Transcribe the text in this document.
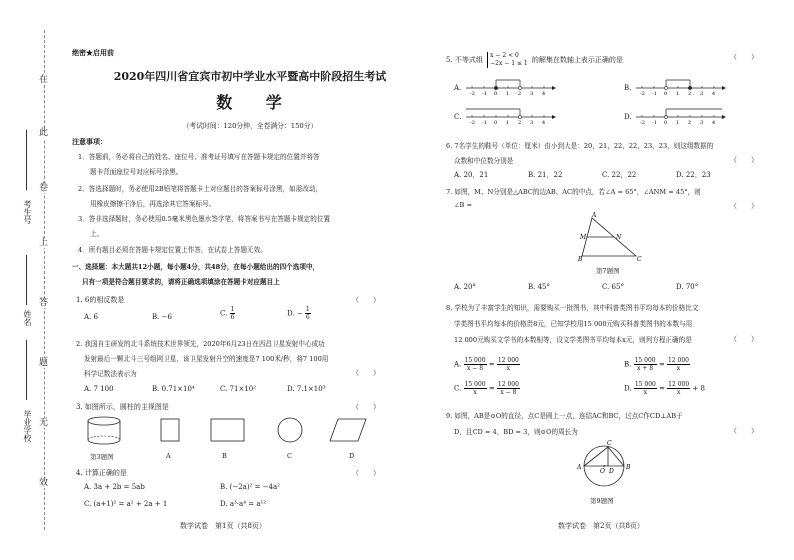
在
此
卷
上
答
题
无
效
考生号
姓名
毕业学校
绝密★启用前
2020年四川省宜宾市初中学业水平暨高中阶段招生考试
数 学
（考试时间：120分钟，全卷满分：150分）
注意事项：
1．答题前，务必将自己的姓名、座位号、准考证号填写在答题卡规定的位置并将答
题卡背面座位号对应标号涂黑。
2．答选择题时，务必使用2B铅笔将答题卡上对应题目的答案标号涂黑，如需改动，
用橡皮擦擦干净后，再选涂其它答案标号。
3．答非选择题时，务必使用0.5毫米黑色墨水签字笔，将答案书写在答题卡规定的位置
上。
4．所有题目必须在答题卡规定位置上作答，在试卷上答题无效。
一、选择题：本大题共12小题，每小题4分，共48分，在每小题给出的四个选项中，
只有一项是符合题目要求的，请将正确选项填涂在答题卡对应题目上
1. 6的相反数是	（　　）
A. 6	B. −6	C. $\frac{1}{6}$	D. − $\frac{1}{6}$
2. 我国自主研发的北斗系统技术世界领先，2020年6月23日在西昌卫星发射中心成功
发射最后一颗北斗三号组网卫星，该卫星发射升空的速度是7 100米/秒，将7 100用
科学记数法表示为	（　　）
A. 7 100	B. 0.71×10⁴	C. 71×10²	D. 7.1×10³
3. 如图所示，圆柱的主视图是	（　　）
第3题图	A	B	C	D
4. 计算正确的是	（　　）
A. 3a + 2b = 5ab	B. (−2a)² = −4a²
C. (a+1)² = a² + 2a + 1	D. a³·a⁴ = a¹²
数学试卷　第1页（共8页）
5. 不等式组
x − 2 < 0
−2x − 1 ≤ 1 的解集在数轴上表示正确的是	（　　）
A.
-2 -1 0 1 2 3 4
B.
-2 -1 0 1 2 3 4
C.
-2 -1 0 1 2 3 4
D.
-2 -1 0 1 2 3 4
6. 7名学生的鞋号（单位：厘米）由小到大是：20，21，22，22，23，23，则这组数据的
众数和中位数分别是	（　　）
A. 20，21	B. 21，22	C. 22，22	D. 22，23
7. 如图，M、N分别是△ABC的边AB、AC的中点，若∠A = 65°，∠ANM = 45°，则
∠B =	（　　）
A
M	N
B	C
第7题图
A. 20°	B. 45°	C. 65°	D. 70°
8. 学校为了丰富学生的知识，需要购买一批图书，其中科普类图书平均每本的价格比文
学类图书平均每本的价格贵8元，已知学校用15 000元购买科普类图书的本数与用
12 000元购买文学书的本数相等，设文学类图书平均每本x元，则列方程正确的是	（　　）
A. $\frac{15 000}{x - 8} = \frac{12 000}{x}$	B. $\frac{15 000}{x + 8} = \frac{12 000}{x}$
C. $\frac{15 000}{x} = \frac{12 000}{x - 8}$	D. $\frac{15 000}{x} = \frac{12 000}{x} + 8$
9. 如图，AB是⊙O的直径，点C是圆上一点，连结AC和BC，过点C作CD⊥AB于
D，且CD = 4，BD = 3，则⊙O的周长为	（　　）
C
A
D
O
B
第9题图
数学试卷　第2页（共8页）
